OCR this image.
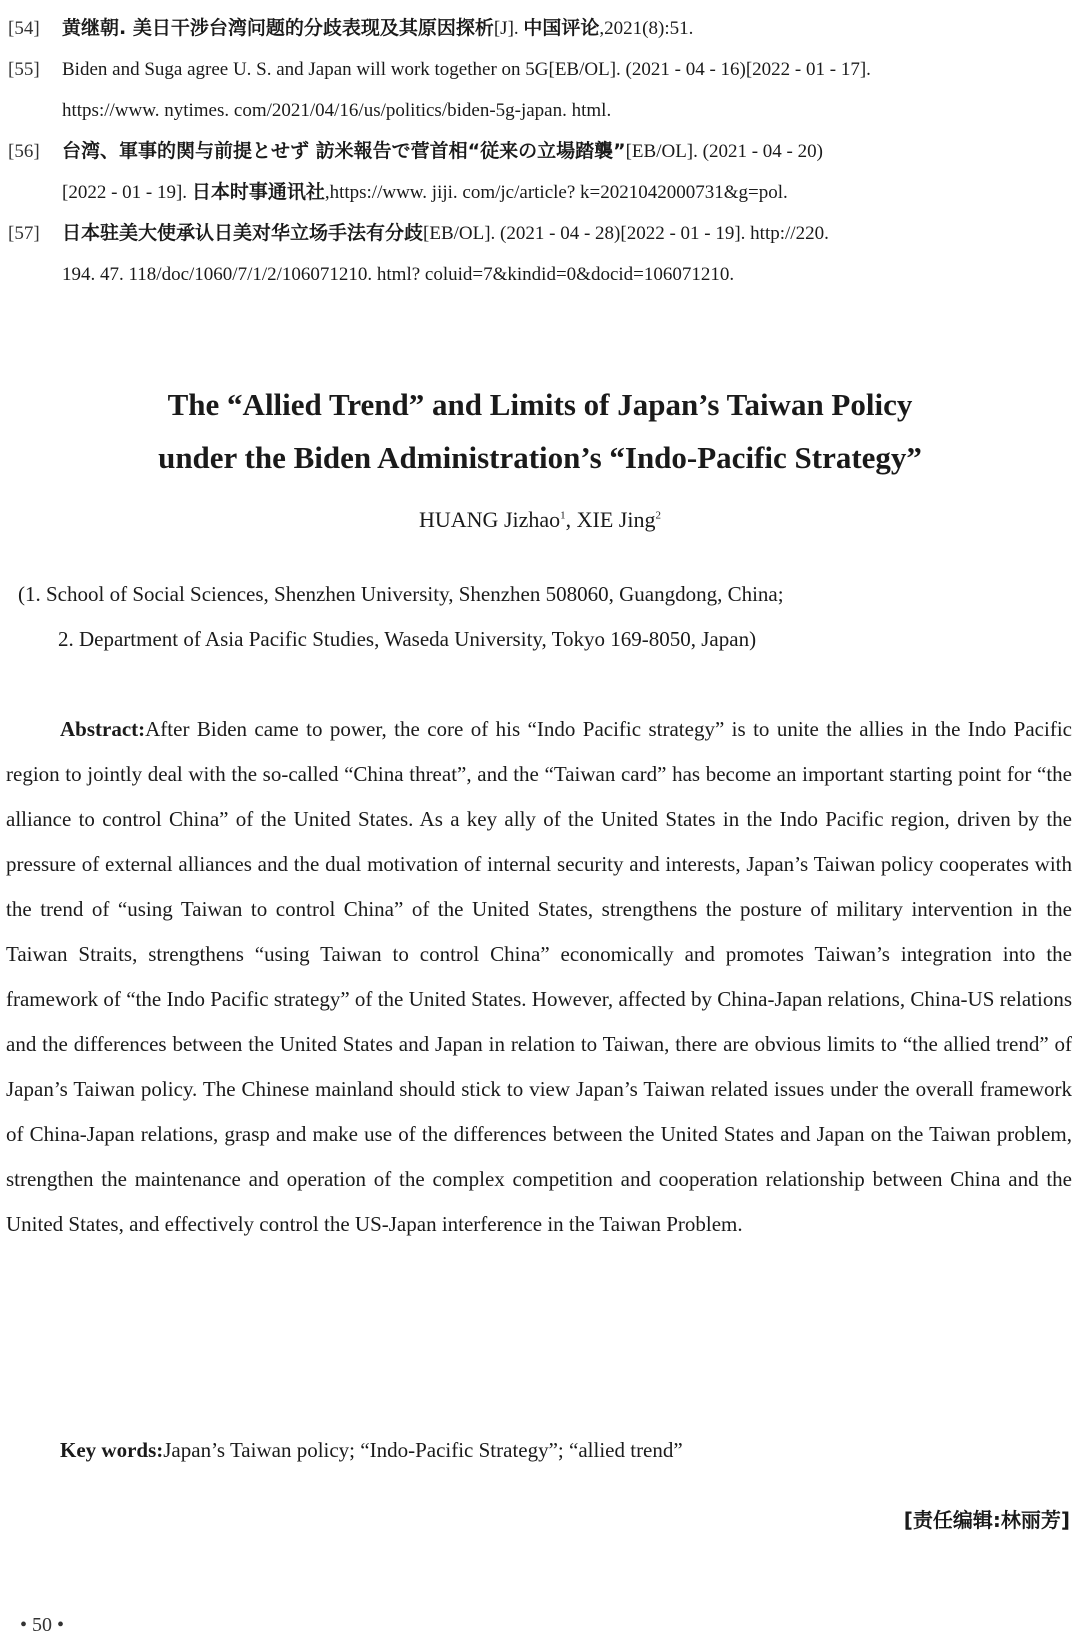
[54] 黄继朝. 美日干涉台湾问题的分歧表现及其原因探析[J]. 中国评论,2021(8):51.
[55] Biden and Suga agree U. S. and Japan will work together on 5G[EB/OL]. (2021 - 04 - 16)[2022 - 01 - 17].
https://www. nytimes. com/2021/04/16/us/politics/biden-5g-japan. html.
[56] 台湾、軍事的関与前提とせず 訪米報告で菅首相“従来の立場踏襲”[EB/OL]. (2021 - 04 - 20)
[2022 - 01 - 19]. 日本时事通讯社,https://www. jiji. com/jc/article? k=2021042000731&g=pol.
[57] 日本驻美大使承认日美对华立场手法有分歧[EB/OL]. (2021 - 04 - 28)[2022 - 01 - 19]. http://220.
194. 47. 118/doc/1060/7/1/2/106071210. html? coluid=7&kindid=0&docid=106071210.
The “Allied Trend” and Limits of Japan’s Taiwan Policy
under the Biden Administration’s “Indo-Pacific Strategy”
HUANG Jizhao$^1$, XIE Jing$^2$
(1. School of Social Sciences, Shenzhen University, Shenzhen 508060, Guangdong, China;
2. Department of Asia Pacific Studies, Waseda University, Tokyo 169-8050, Japan)

Abstract:After Biden came to power, the core of his “Indo Pacific strategy” is to unite the allies in the Indo Pacific region to jointly deal with the so-called “China threat”, and the “Taiwan card” has become an important starting point for “the alliance to control China” of the United States. As a key ally of the United States in the Indo Pacific region, driven by the pressure of external alliances and the dual motivation of internal security and interests, Japan’s Taiwan policy cooperates with the trend of “using Taiwan to control China” of the United States, strengthens the posture of military intervention in the Taiwan Straits, strengthens “using Taiwan to control China” economically and promotes Taiwan’s integration into the framework of “the Indo Pacific strategy” of the United States. However, affected by China-Japan relations, China-US relations and the differences between the United States and Japan in relation to Taiwan, there are obvious limits to “the allied trend” of Japan’s Taiwan policy. The Chinese mainland should stick to view Japan’s Taiwan related issues under the overall framework of China-Japan relations, grasp and make use of the differences between the United States and Japan on the Taiwan problem, strengthen the maintenance and operation of the complex competition and cooperation relationship between China and the United States, and effectively control the US-Japan interference in the Taiwan Problem.

Key words:Japan’s Taiwan policy; “Indo-Pacific Strategy”; “allied trend”
[责任编辑:林丽芳]
• 50 •
